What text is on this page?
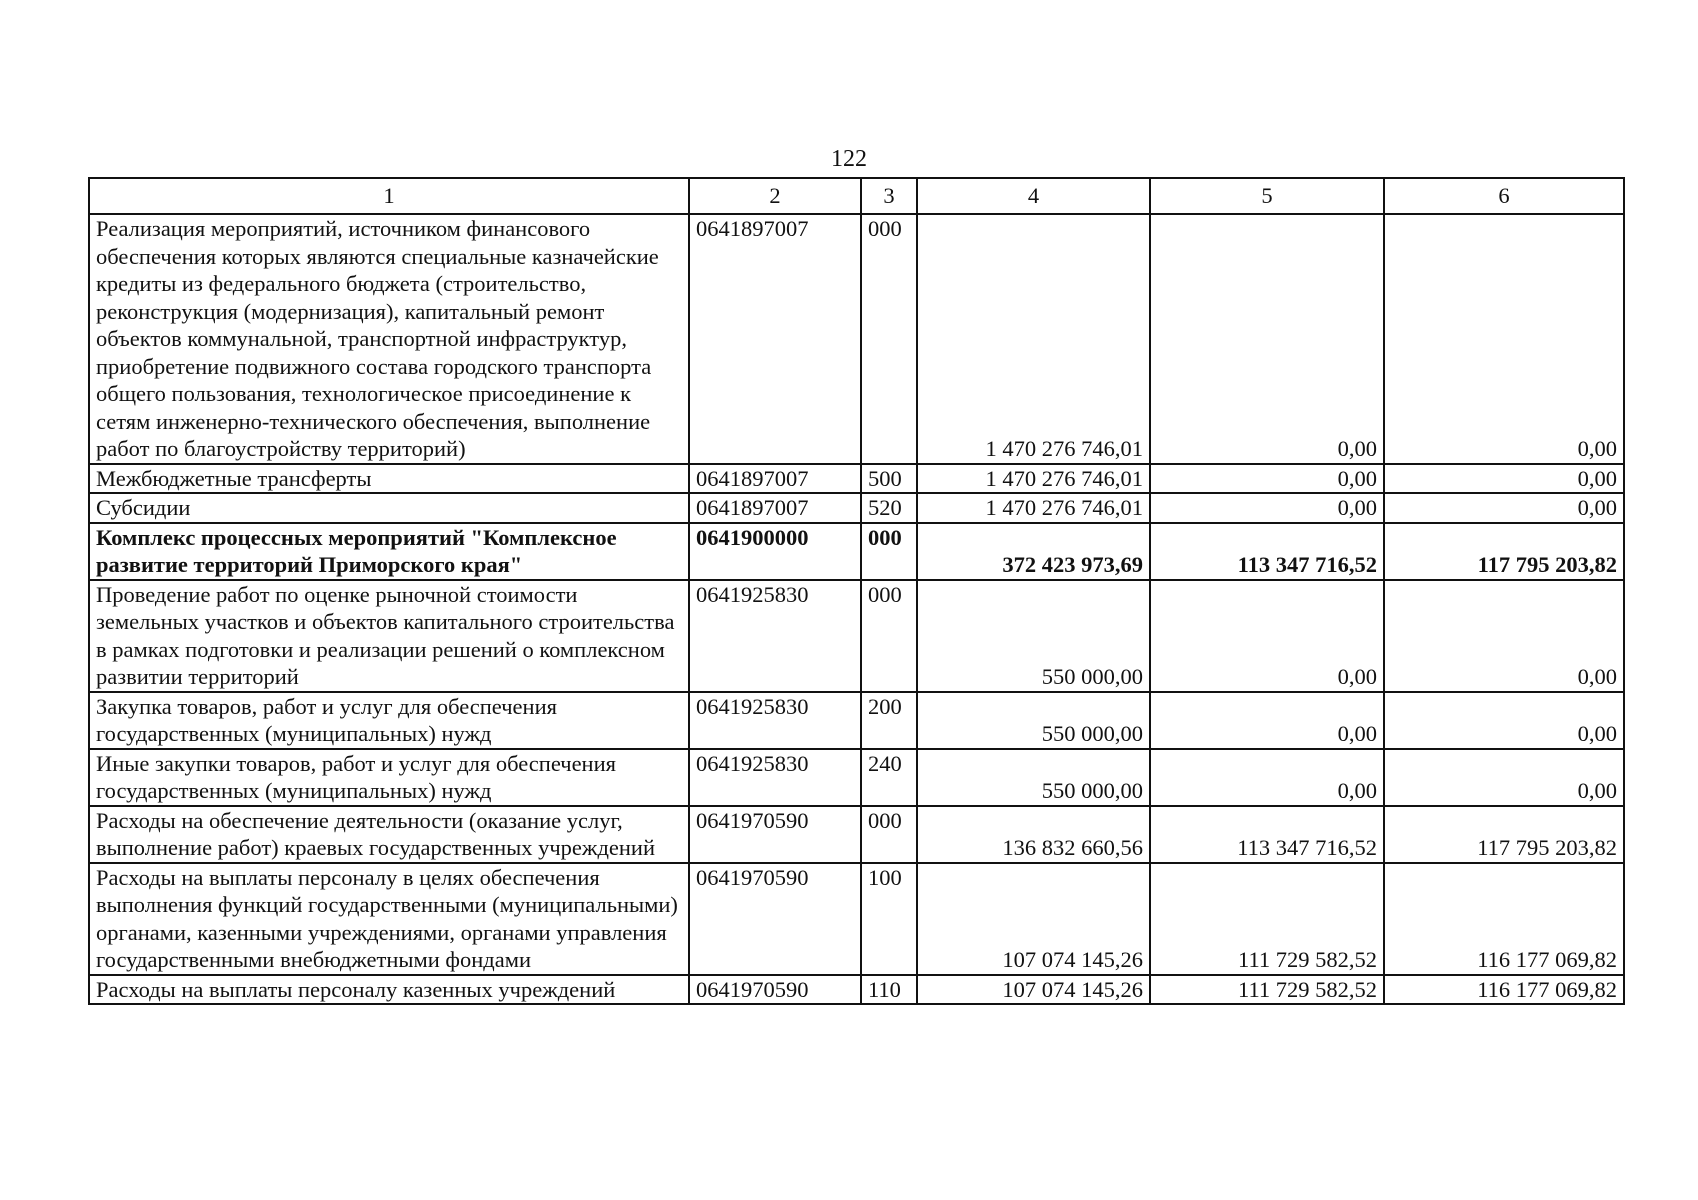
122
1	2	3	4	5	6
Реализация мероприятий, источником финансового обеспечения которых являются специальные казначейские кредиты из федерального бюджета (строительство, реконструкция (модернизация), капитальный ремонт объектов коммунальной, транспортной инфраструктур, приобретение подвижного состава городского транспорта общего пользования, технологическое присоединение к сетям инженерно-технического обеспечения, выполнение работ по благоустройству территорий)	0641897007	000	1 470 276 746,01	0,00	0,00
Межбюджетные трансферты	0641897007	500	1 470 276 746,01	0,00	0,00
Субсидии	0641897007	520	1 470 276 746,01	0,00	0,00
Комплекс процессных мероприятий "Комплексное развитие территорий Приморского края"	0641900000	000	372 423 973,69	113 347 716,52	117 795 203,82
Проведение работ по оценке рыночной стоимости земельных участков и объектов капитального строительства в рамках подготовки и реализации решений о комплексном развитии территорий	0641925830	000	550 000,00	0,00	0,00
Закупка товаров, работ и услуг для обеспечения государственных (муниципальных) нужд	0641925830	200	550 000,00	0,00	0,00
Иные закупки товаров, работ и услуг для обеспечения государственных (муниципальных) нужд	0641925830	240	550 000,00	0,00	0,00
Расходы на обеспечение деятельности (оказание услуг, выполнение работ) краевых государственных учреждений	0641970590	000	136 832 660,56	113 347 716,52	117 795 203,82
Расходы на выплаты персоналу в целях обеспечения выполнения функций государственными (муниципальными) органами, казенными учреждениями, органами управления государственными внебюджетными фондами	0641970590	100	107 074 145,26	111 729 582,52	116 177 069,82
Расходы на выплаты персоналу казенных учреждений	0641970590	110	107 074 145,26	111 729 582,52	116 177 069,82
